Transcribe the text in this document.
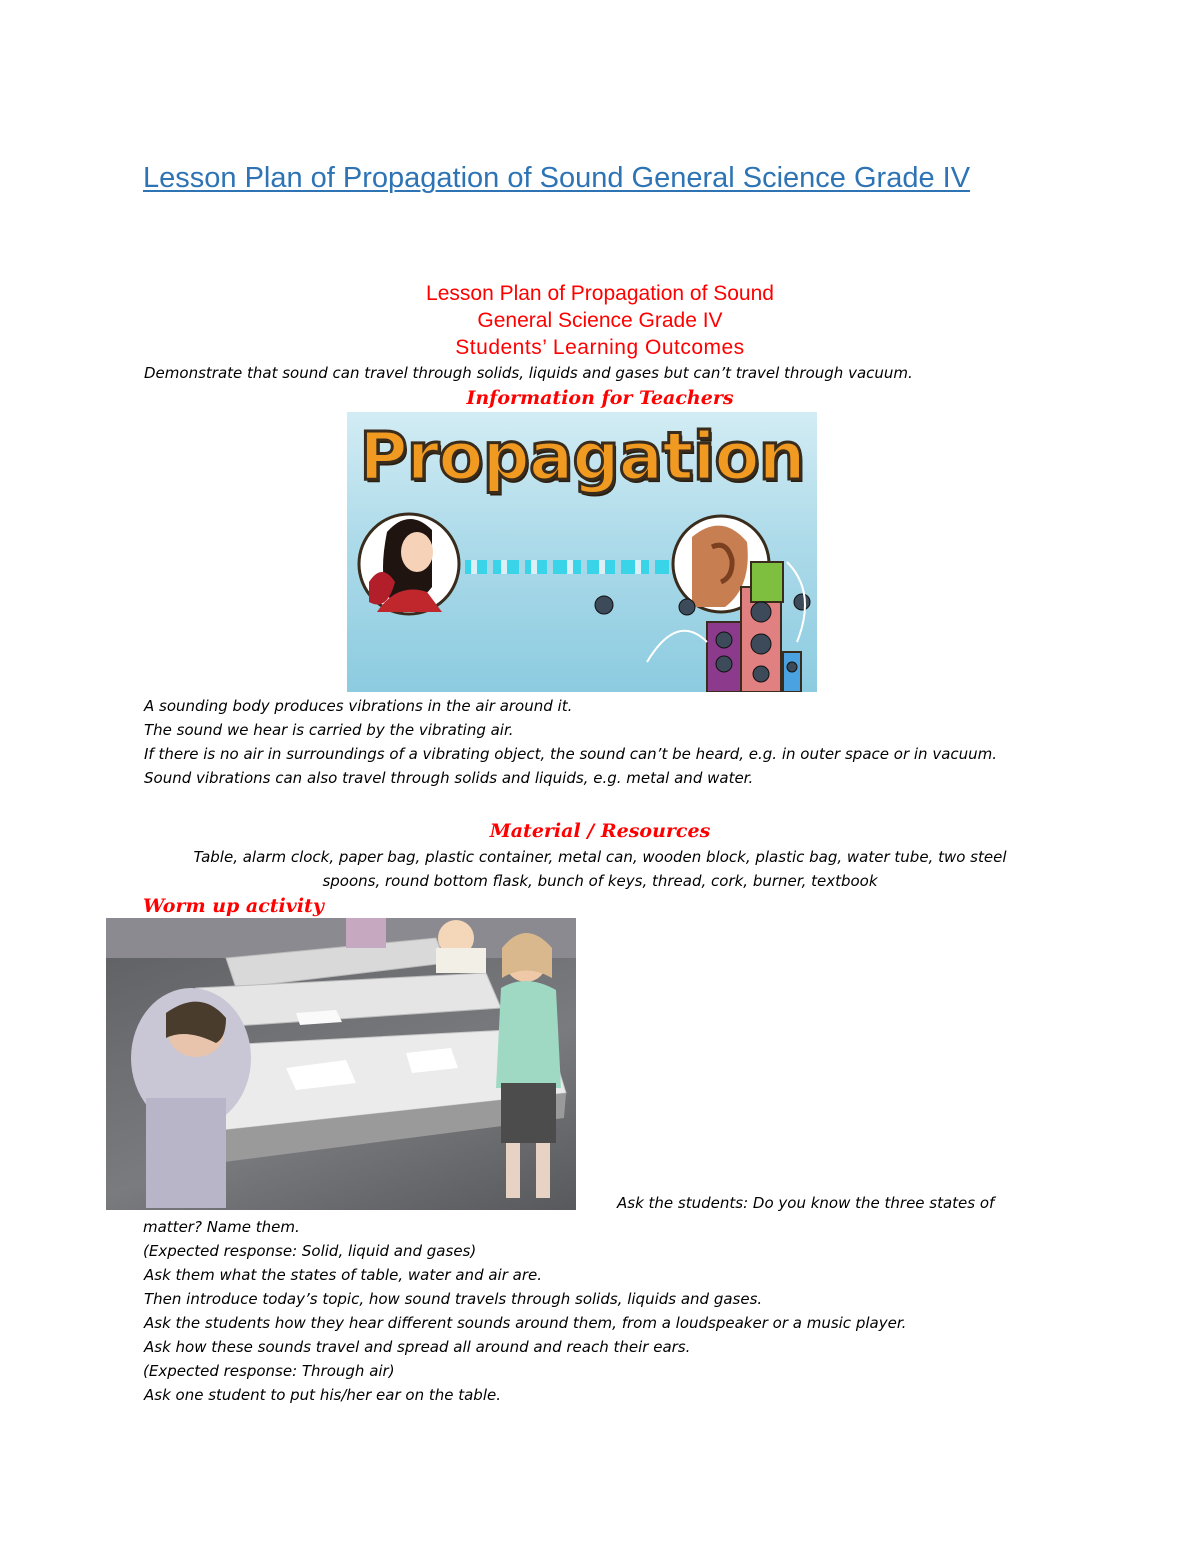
Lesson Plan of Propagation of Sound General Science Grade IV

Lesson Plan of Propagation of Sound

General Science Grade IV

Students’ Learning Outcomes

Demonstrate that sound can travel through solids, liquids and gases but can’t travel through vacuum.

Information for Teachers

Propagation
A sounding body produces vibrations in the air around it.
The sound we hear is carried by the vibrating air.
If there is no air in surroundings of a vibrating object, the sound can’t be heard, e.g. in outer space or in vacuum.
Sound vibrations can also travel through solids and liquids, e.g. metal and water.

Material / Resources

Table, alarm clock, paper bag, plastic container, metal can, wooden block, plastic bag, water tube, two steel
spoons, round bottom flask, bunch of keys, thread, cork, burner, textbook

Worm up activity

Ask the students: Do you know the three states of
matter? Name them.
(Expected response: Solid, liquid and gases)
Ask them what the states of table, water and air are.
Then introduce today’s topic, how sound travels through solids, liquids and gases.
Ask the students how they hear different sounds around them, from a loudspeaker or a music player.
Ask how these sounds travel and spread all around and reach their ears.
(Expected response: Through air)
Ask one student to put his/her ear on the table.
